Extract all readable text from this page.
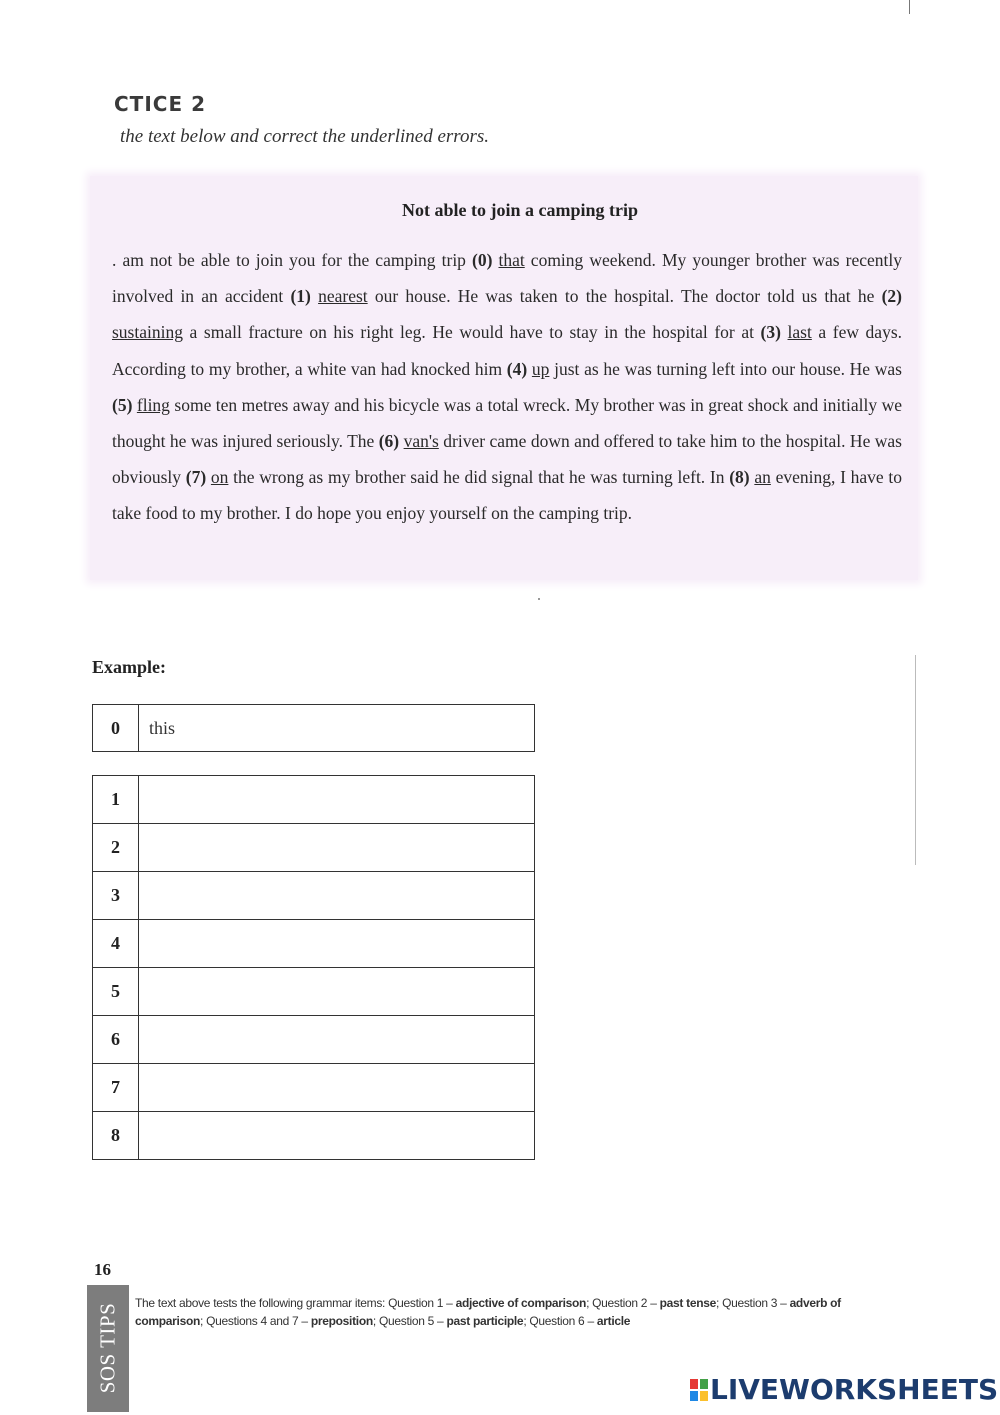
CTICE 2
the text below and correct the underlined errors.
Not able to join a camping trip
. am not be able to join you for the camping trip (0) that coming weekend. My younger brother was recently involved in an accident (1) nearest our house. He was taken to the hospital. The doctor told us that he (2) sustaining a small fracture on his right leg. He would have to stay in the hospital for at (3) last a few days. According to my brother, a white van had knocked him (4) up just as he was turning left into our house. He was (5) fling some ten metres away and his bicycle was a total wreck. My brother was in great shock and initially we thought he was injured seriously. The (6) van's driver came down and offered to take him to the hospital. He was obviously (7) on the wrong as my brother said he did signal that he was turning left. In (8) an evening, I have to take food to my brother. I do hope you enjoy yourself on the camping trip.
Example:
0	this
1	
2	
3	
4	
5	
6	
7	
8	
16
SOS TIPS The text above tests the following grammar items: Question 1 – adjective of comparison; Question 2 – past tense; Question 3 – adverb of comparison; Questions 4 and 7 – preposition; Question 5 – past participle; Question 6 – article
LIVEWORKSHEETS
